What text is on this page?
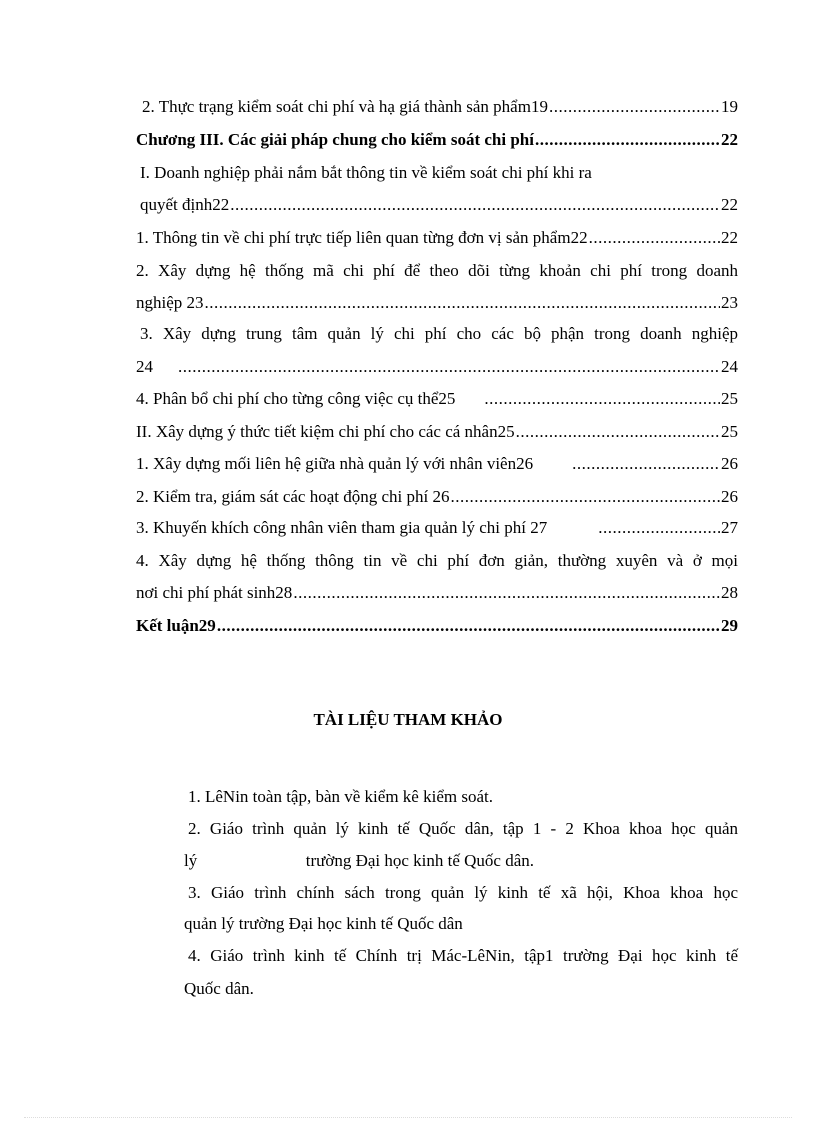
2. Thực trạng kiểm soát chi phí và hạ giá thành sản phẩm19 .....	19
Chương III. Các giải pháp chung cho kiểm soát chi phí .....	22
I. Doanh nghiệp phải nắm bắt thông tin về kiểm soát chi phí khi ra
quyết định22 .....	22
1. Thông tin về chi phí trực tiếp liên quan từng đơn vị sản phẩm22 .....	22
2. Xây dựng hệ thống mã chi phí để theo dõi từng khoản chi phí trong doanh
nghiệp 23 .....	23
3. Xây dựng trung tâm quản lý chi phí cho các bộ phận trong doanh nghiệp
24 .....	24
4. Phân bổ chi phí cho từng công việc cụ thể25 .....	25
II. Xây dựng ý thức tiết kiệm chi phí cho các cá nhân25 .....	25
1. Xây dựng mối liên hệ giữa nhà quản lý với nhân viên26 .....	26
2. Kiểm tra, giám sát các hoạt động chi phí 26 .....	26
3. Khuyến khích công nhân viên tham gia quản lý chi phí 27 .....	27
4. Xây dựng hệ thống thông tin về chi phí đơn giản, thường xuyên và ở mọi
nơi chi phí phát sinh28 .....	28
Kết luận29 .....	29
TÀI LIỆU THAM KHẢO
1. LêNin toàn tập, bàn về kiểm kê kiểm soát.
2. Giáo trình quản lý kinh tế Quốc dân, tập 1 - 2 Khoa khoa học quản
lý	trường Đại học kinh tế Quốc dân.
3. Giáo trình chính sách trong quản lý kinh tế xã hội, Khoa khoa học
quản lý trường Đại học kinh tế Quốc dân
4. Giáo trình kinh tế Chính trị Mác-LêNin, tập1 trường Đại học kinh tế
Quốc dân.
